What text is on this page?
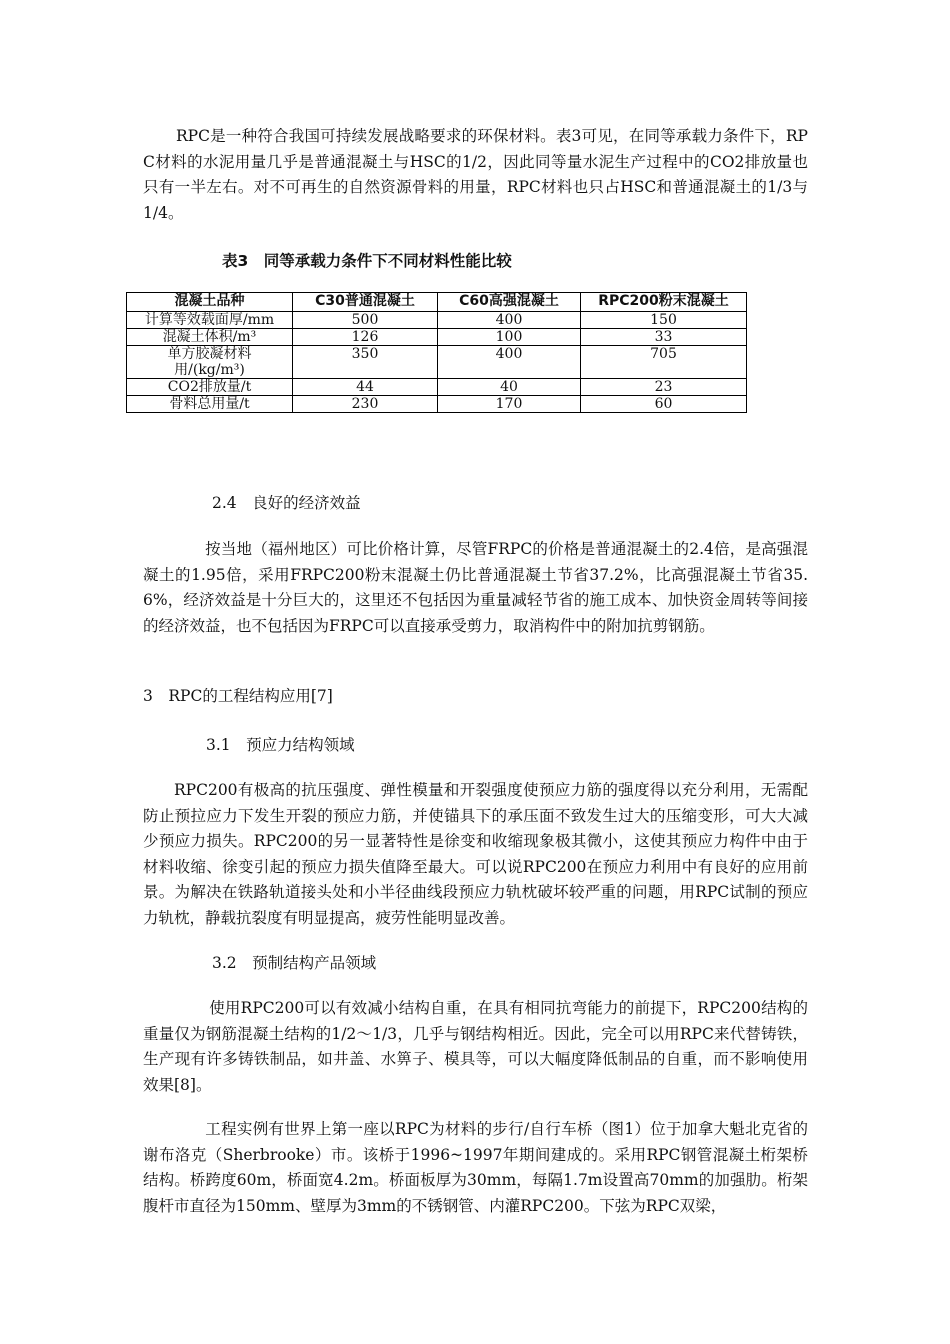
RPC是一种符合我国可持续发展战略要求的环保材料。表3可见，在同等承载力条件下，RPC材料的水泥用量几乎是普通混凝土与HSC的1/2，因此同等量水泥生产过程中的CO2排放量也只有一半左右。对不可再生的自然资源骨料的用量，RPC材料也只占HSC和普通混凝土的1/3与1/4。

表3　同等承载力条件下不同材料性能比较

混凝土品种	C30普通混凝土	C60高强混凝土	RPC200粉末混凝土
计算等效载面厚/mm	500	400	150
混凝土体积/m³	126	100	33
单方胶凝材料用/(kg/m³)	350	400	705
CO2排放量/t	44	40	23
骨料总用量/t	230	170	60

2.4　良好的经济效益

按当地（福州地区）可比价格计算，尽管FRPC的价格是普通混凝土的2.4倍，是高强混凝土的1.95倍，采用FRPC200粉末混凝土仍比普通混凝土节省37.2%，比高强混凝土节省35.6%，经济效益是十分巨大的，这里还不包括因为重量减轻节省的施工成本、加快资金周转等间接的经济效益，也不包括因为FRPC可以直接承受剪力，取消构件中的附加抗剪钢筋。

3　RPC的工程结构应用[7]

3.1　预应力结构领域

RPC200有极高的抗压强度、弹性模量和开裂强度使预应力筋的强度得以充分利用，无需配防止预拉应力下发生开裂的预应力筋，并使锚具下的承压面不致发生过大的压缩变形，可大大减少预应力损失。RPC200的另一显著特性是徐变和收缩现象极其微小，这使其预应力构件中由于材料收缩、徐变引起的预应力损失值降至最大。可以说RPC200在预应力利用中有良好的应用前景。为解决在铁路轨道接头处和小半径曲线段预应力轨枕破坏较严重的问题，用RPC试制的预应力轨枕，静载抗裂度有明显提高，疲劳性能明显改善。

3.2　预制结构产品领域

使用RPC200可以有效减小结构自重，在具有相同抗弯能力的前提下，RPC200结构的重量仅为钢筋混凝土结构的1/2～1/3，几乎与钢结构相近。因此，完全可以用RPC来代替铸铁，生产现有许多铸铁制品，如井盖、水箅子、模具等，可以大幅度降低制品的自重，而不影响使用效果[8]。

工程实例有世界上第一座以RPC为材料的步行/自行车桥（图1）位于加拿大魁北克省的谢布洛克（Sherbrooke）市。该桥于1996~1997年期间建成的。采用RPC钢管混凝土桁架桥结构。桥跨度60m，桥面宽4.2m。桥面板厚为30mm，每隔1.7m设置高70mm的加强肋。桁架腹杆市直径为150mm、壁厚为3mm的不锈钢管、内灌RPC200。下弦为RPC双梁，
